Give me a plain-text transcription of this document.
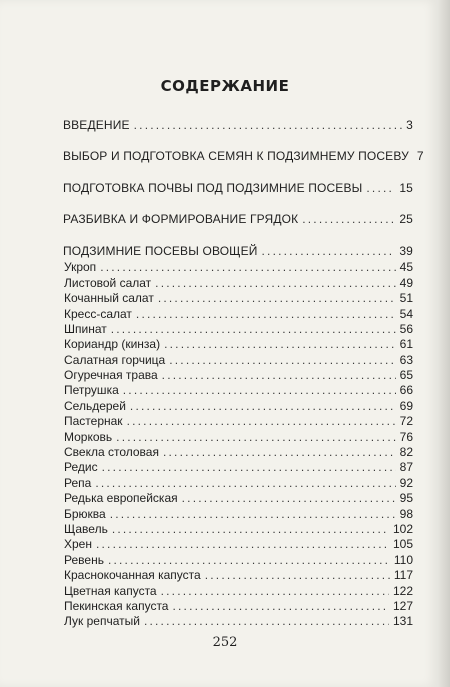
СОДЕРЖАНИЕ
ВВЕДЕНИЕ .....	3
ВЫБОР И ПОДГОТОВКА СЕМЯН К ПОДЗИМНЕМУ ПОСЕВУ 7
ПОДГОТОВКА ПОЧВЫ ПОД ПОДЗИМНИЕ ПОСЕВЫ .....	15
РАЗБИВКА И ФОРМИРОВАНИЕ ГРЯДОК .....	25
ПОДЗИМНИЕ ПОСЕВЫ ОВОЩЕЙ .....	39
Укроп .....	45
Листовой салат .....	49
Кочанный салат .....	51
Кресс-салат .....	54
Шпинат .....	56
Кориандр (кинза) .....	61
Салатная горчица .....	63
Огуречная трава .....	65
Петрушка .....	66
Сельдерей .....	69
Пастернак .....	72
Морковь .....	76
Свекла столовая .....	82
Редис .....	87
Репа .....	92
Редька европейская .....	95
Брюква .....	98
Щавель .....	102
Хрен .....	105
Ревень .....	110
Краснокочанная капуста .....	117
Цветная капуста .....	122
Пекинская капуста .....	127
Лук репчатый .....	131
252
